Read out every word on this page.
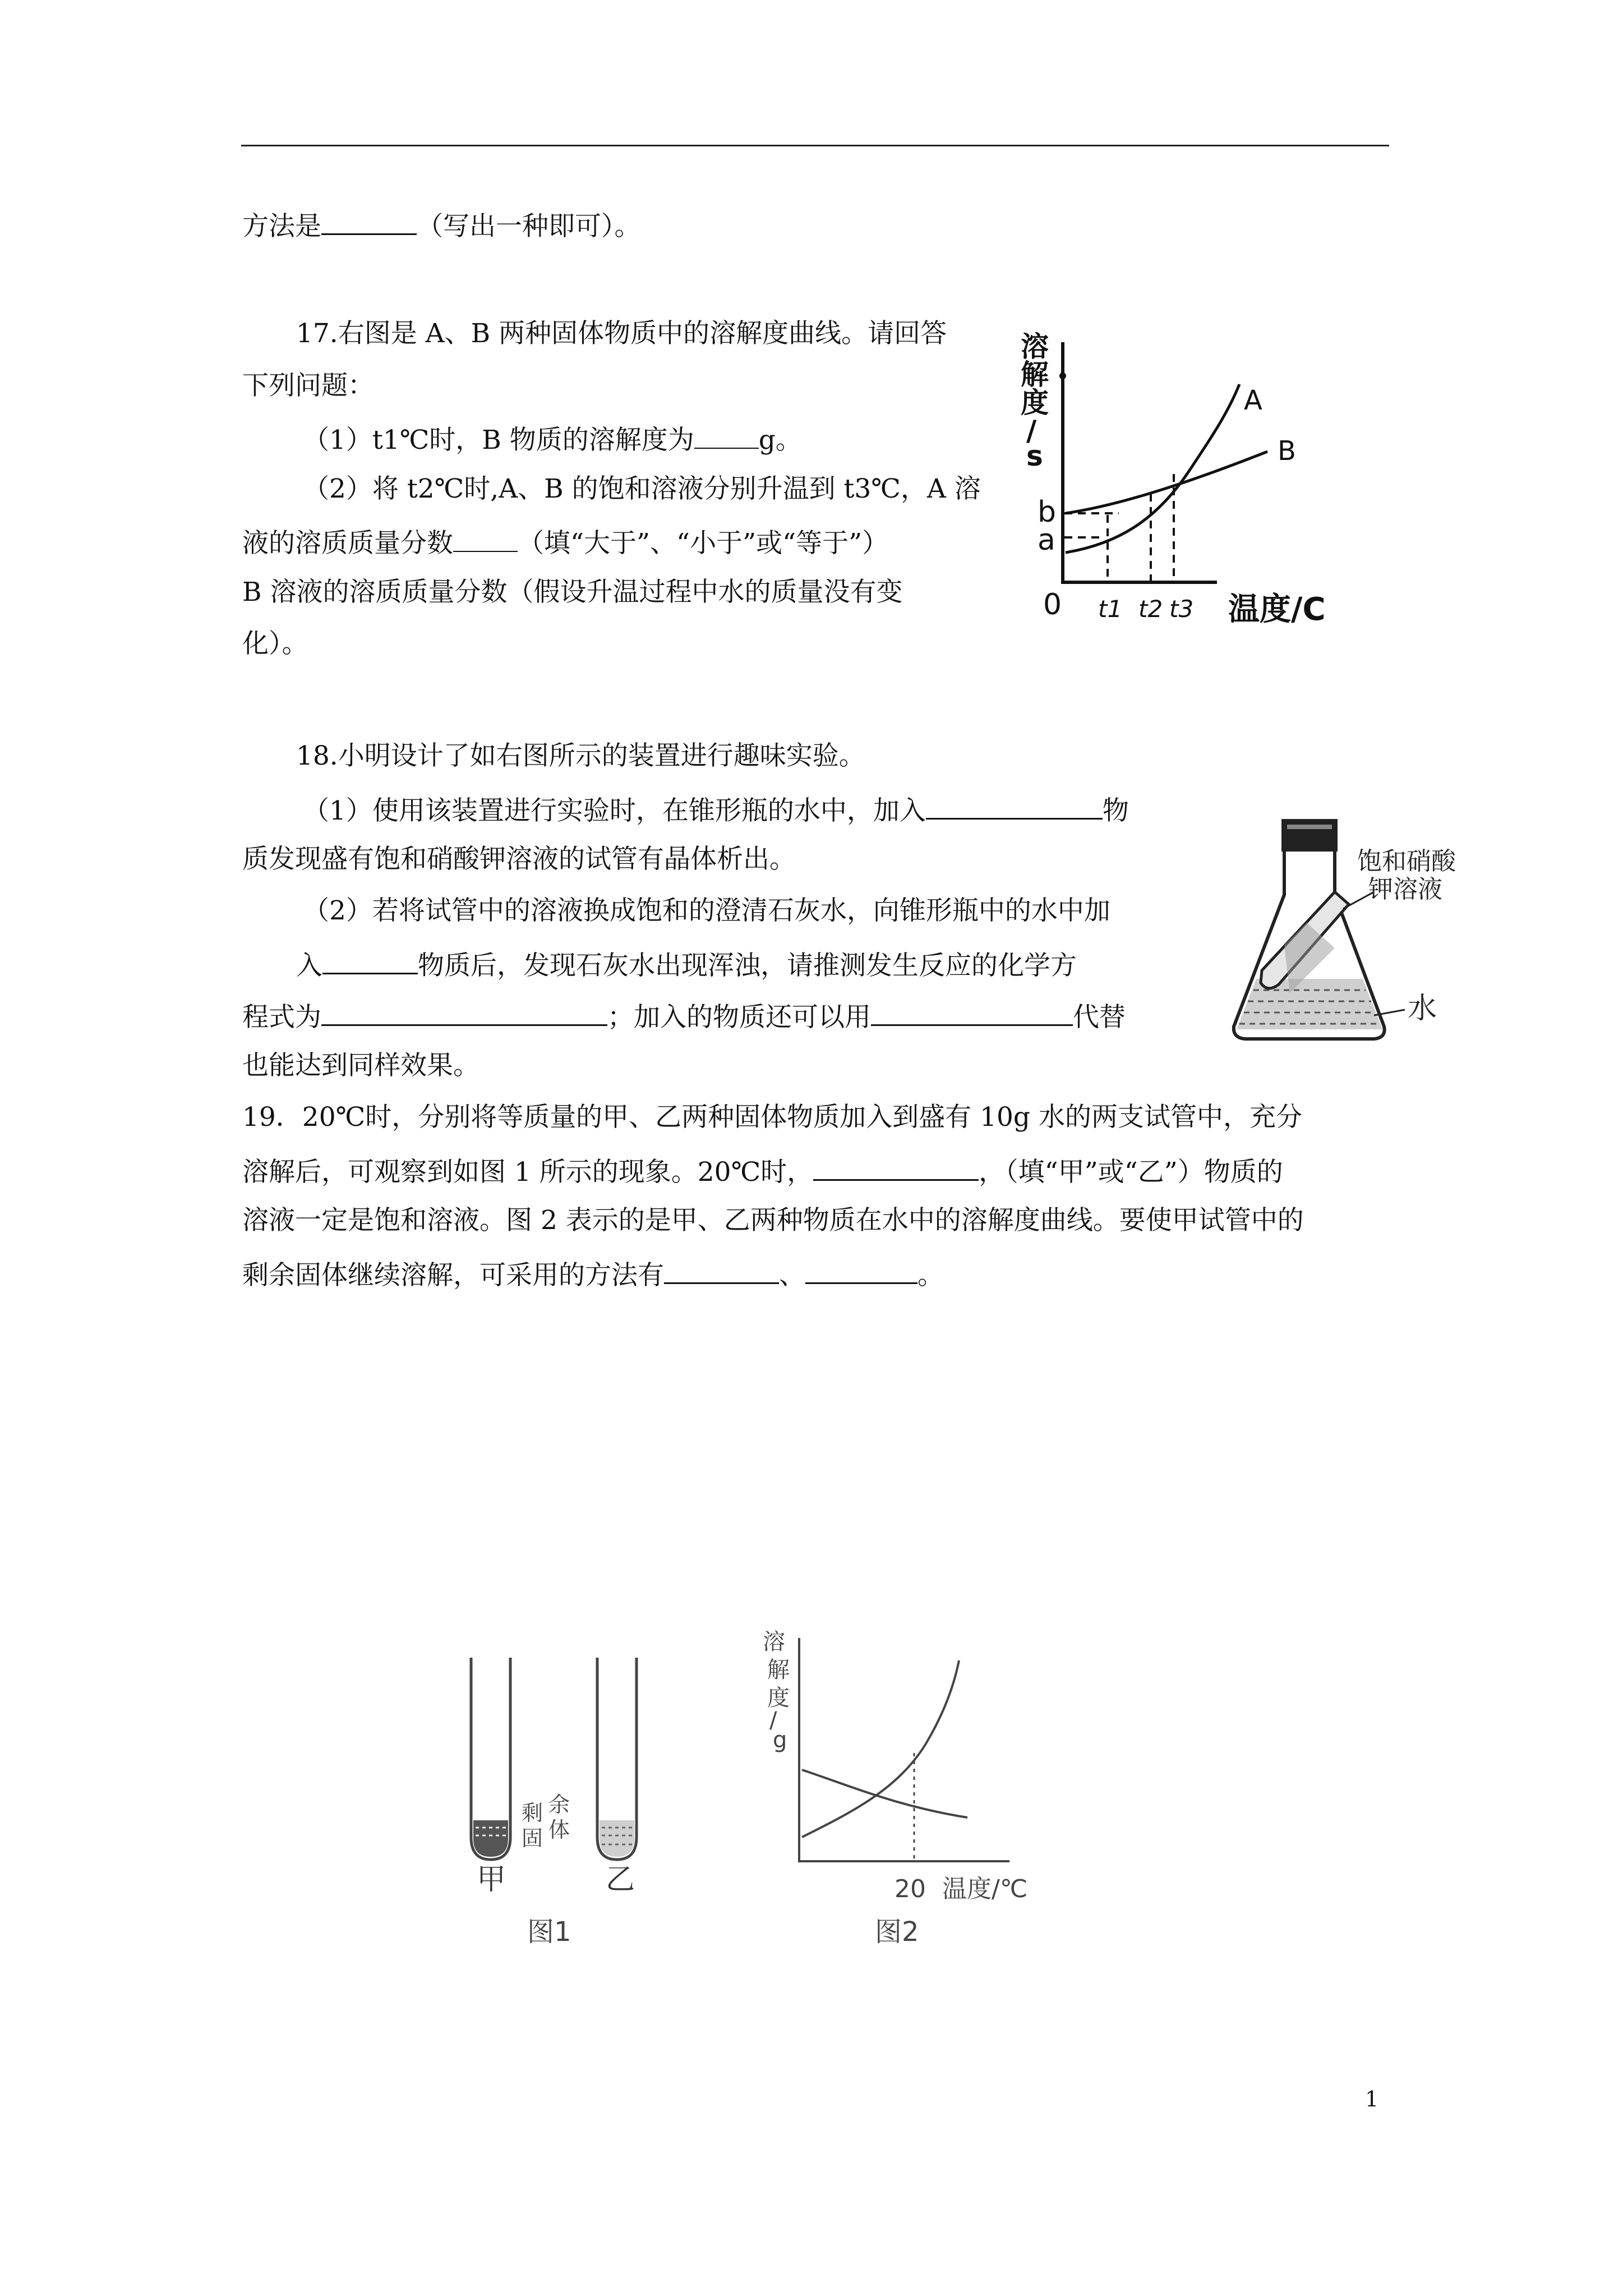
方法是	（写出一种即可）。
17.右图是 A、B 两种固体物质中的溶解度曲线。请回答
下列问题：
（1）t1℃时，B 物质的溶解度为 g。
（2）将 t2℃时,A、B 的饱和溶液分别升温到 t3℃，A 溶
液的溶质质量分数 （填“大于”、“小于”或“等于”）
B 溶液的溶质质量分数（假设升温过程中水的质量没有变
化）。
溶
解
度
/
s
b
a
0 t1 t2 t3 温度/C
A
B
18.小明设计了如右图所示的装置进行趣味实验。
（1）使用该装置进行实验时，在锥形瓶的水中，加入	物
质发现盛有饱和硝酸钾溶液的试管有晶体析出。
（2）若将试管中的溶液换成饱和的澄清石灰水，向锥形瓶中的水中加
入	物质后，发现石灰水出现浑浊，请推测发生反应的化学方
程式为	；加入的物质还可以用	代替
也能达到同样效果。
饱和硝酸
钾溶液
水
19．20℃时，分别将等质量的甲、乙两种固体物质加入到盛有 10g 水的两支试管中，充分
溶解后，可观察到如图 1 所示的现象。20℃时，	，（填“甲”或“乙”）物质的
溶液一定是饱和溶液。图 2 表示的是甲、乙两种物质在水中的溶解度曲线。要使甲试管中的
剩余固体继续溶解，可采用的方法有	、	。
甲
剩
固
余
体
乙
图1
溶
解
度
/
g
20 温度/℃
图2
1
